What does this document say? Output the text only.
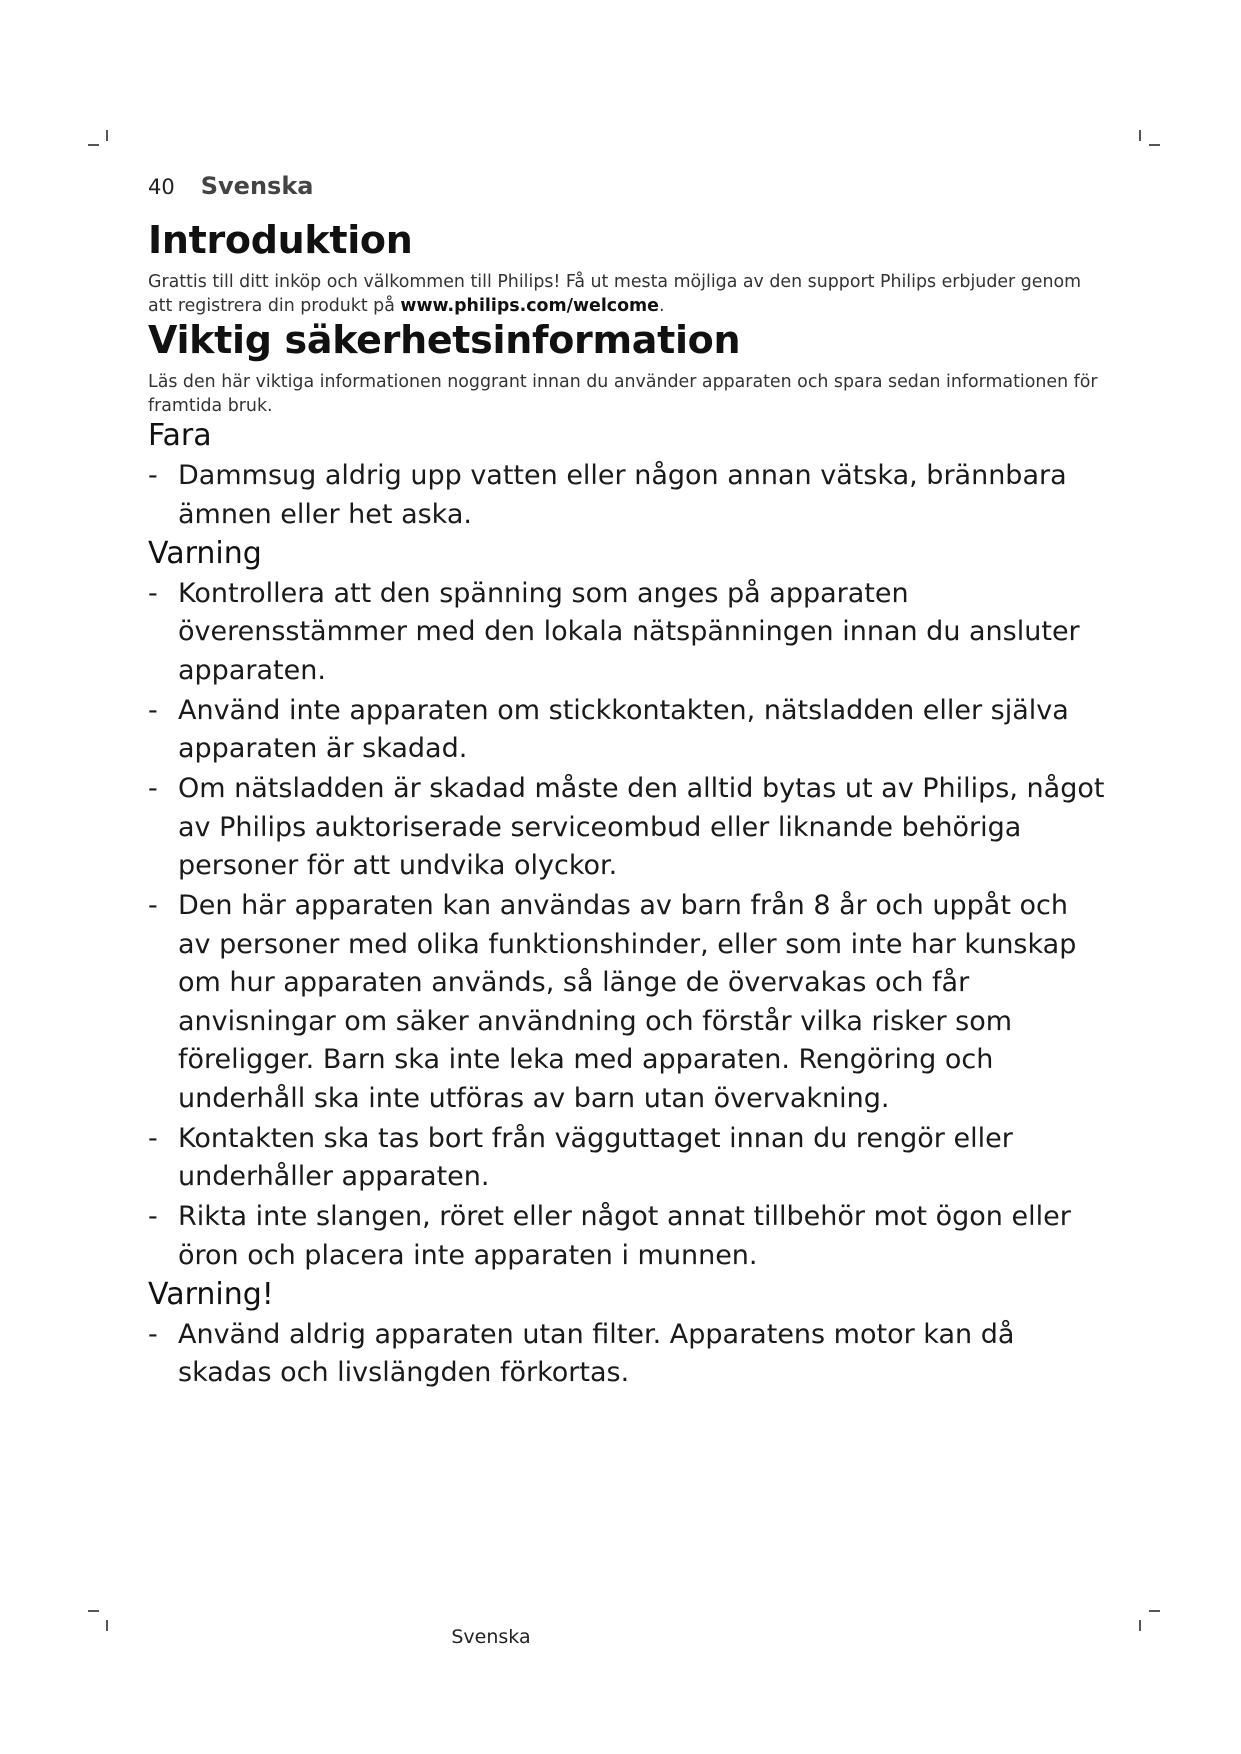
40 Svenska
Introduktion

Grattis till ditt inköp och välkommen till Philips! Få ut mesta möjliga av den support Philips erbjuder genom att registrera din produkt på www.philips.com/welcome.

Viktig säkerhetsinformation

Läs den här viktiga informationen noggrant innan du använder apparaten och spara sedan informationen för framtida bruk.

Fara
- Dammsug aldrig upp vatten eller någon annan vätska, brännbara ämnen eller het aska.
Varning
- Kontrollera att den spänning som anges på apparaten överensstämmer med den lokala nätspänningen innan du ansluter apparaten.
- Använd inte apparaten om stickkontakten, nätsladden eller själva apparaten är skadad.
- Om nätsladden är skadad måste den alltid bytas ut av Philips, något av Philips auktoriserade serviceombud eller liknande behöriga personer för att undvika olyckor.
- Den här apparaten kan användas av barn från 8 år och uppåt och av personer med olika funktionshinder, eller som inte har kunskap om hur apparaten används, så länge de övervakas och får anvisningar om säker användning och förstår vilka risker som föreligger. Barn ska inte leka med apparaten. Rengöring och underhåll ska inte utföras av barn utan övervakning.
- Kontakten ska tas bort från vägguttaget innan du rengör eller underhåller apparaten.
- Rikta inte slangen, röret eller något annat tillbehör mot ögon eller öron och placera inte apparaten i munnen.
Varning!
- Använd aldrig apparaten utan filter. Apparatens motor kan då skadas och livslängden förkortas.
Svenska
